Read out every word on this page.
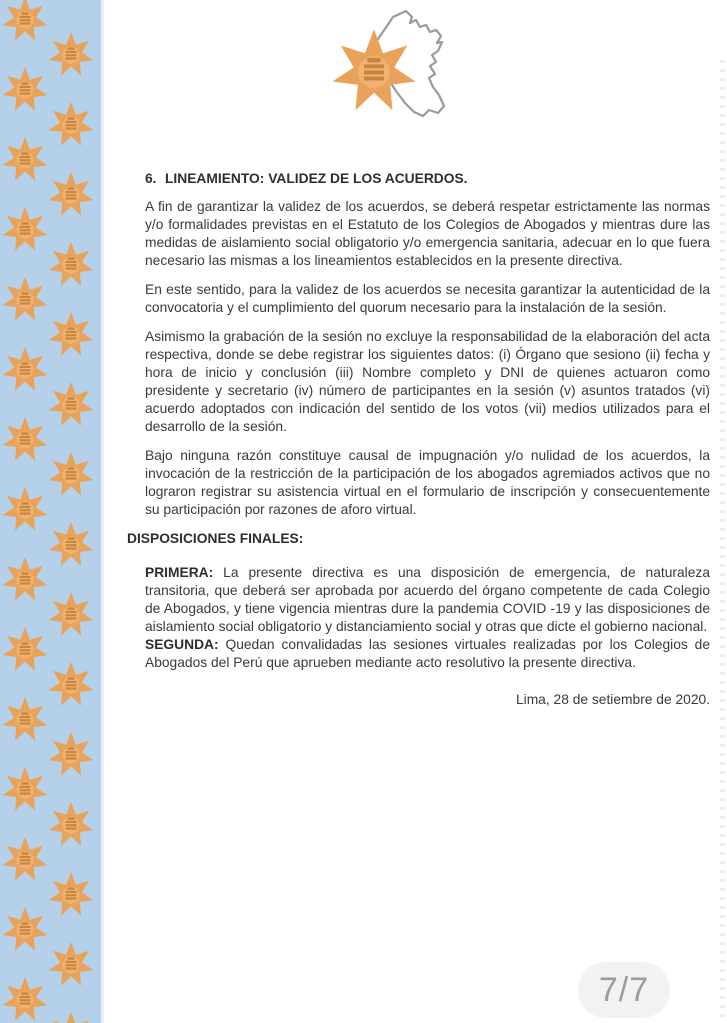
6. LINEAMIENTO: VALIDEZ DE LOS ACUERDOS.

A fin de garantizar la validez de los acuerdos, se deberá respetar estrictamente las normas y/o formalidades previstas en el Estatuto de los Colegios de Abogados y mientras dure las medidas de aislamiento social obligatorio y/o emergencia sanitaria, adecuar en lo que fuera necesario las mismas a los lineamientos establecidos en la presente directiva.

En este sentido, para la validez de los acuerdos se necesita garantizar la autenticidad de la convocatoria y el cumplimiento del quorum necesario para la instalación de la sesión.

Asimismo la grabación de la sesión no excluye la responsabilidad de la elaboración del acta respectiva, donde se debe registrar los siguientes datos: (i) Órgano que sesiono (ii) fecha y hora de inicio y conclusión (iii) Nombre completo y DNI de quienes actuaron como presidente y secretario (iv) número de participantes en la sesión (v) asuntos tratados (vi) acuerdo adoptados con indicación del sentido de los votos (vii) medios utilizados para el desarrollo de la sesión.

Bajo ninguna razón constituye causal de impugnación y/o nulidad de los acuerdos, la invocación de la restricción de la participación de los abogados agremiados activos que no lograron registrar su asistencia virtual en el formulario de inscripción y consecuentemente su participación por razones de aforo virtual.

DISPOSICIONES FINALES:

PRIMERA: La presente directiva es una disposición de emergencia, de naturaleza transitoria, que deberá ser aprobada por acuerdo del órgano competente de cada Colegio de Abogados, y tiene vigencia mientras dure la pandemia COVID -19 y las disposiciones de aislamiento social obligatorio y distanciamiento social y otras que dicte el gobierno nacional.

SEGUNDA: Quedan convalidadas las sesiones virtuales realizadas por los Colegios de Abogados del Perú que aprueben mediante acto resolutivo la presente directiva.

Lima, 28 de setiembre de 2020.

7/7
